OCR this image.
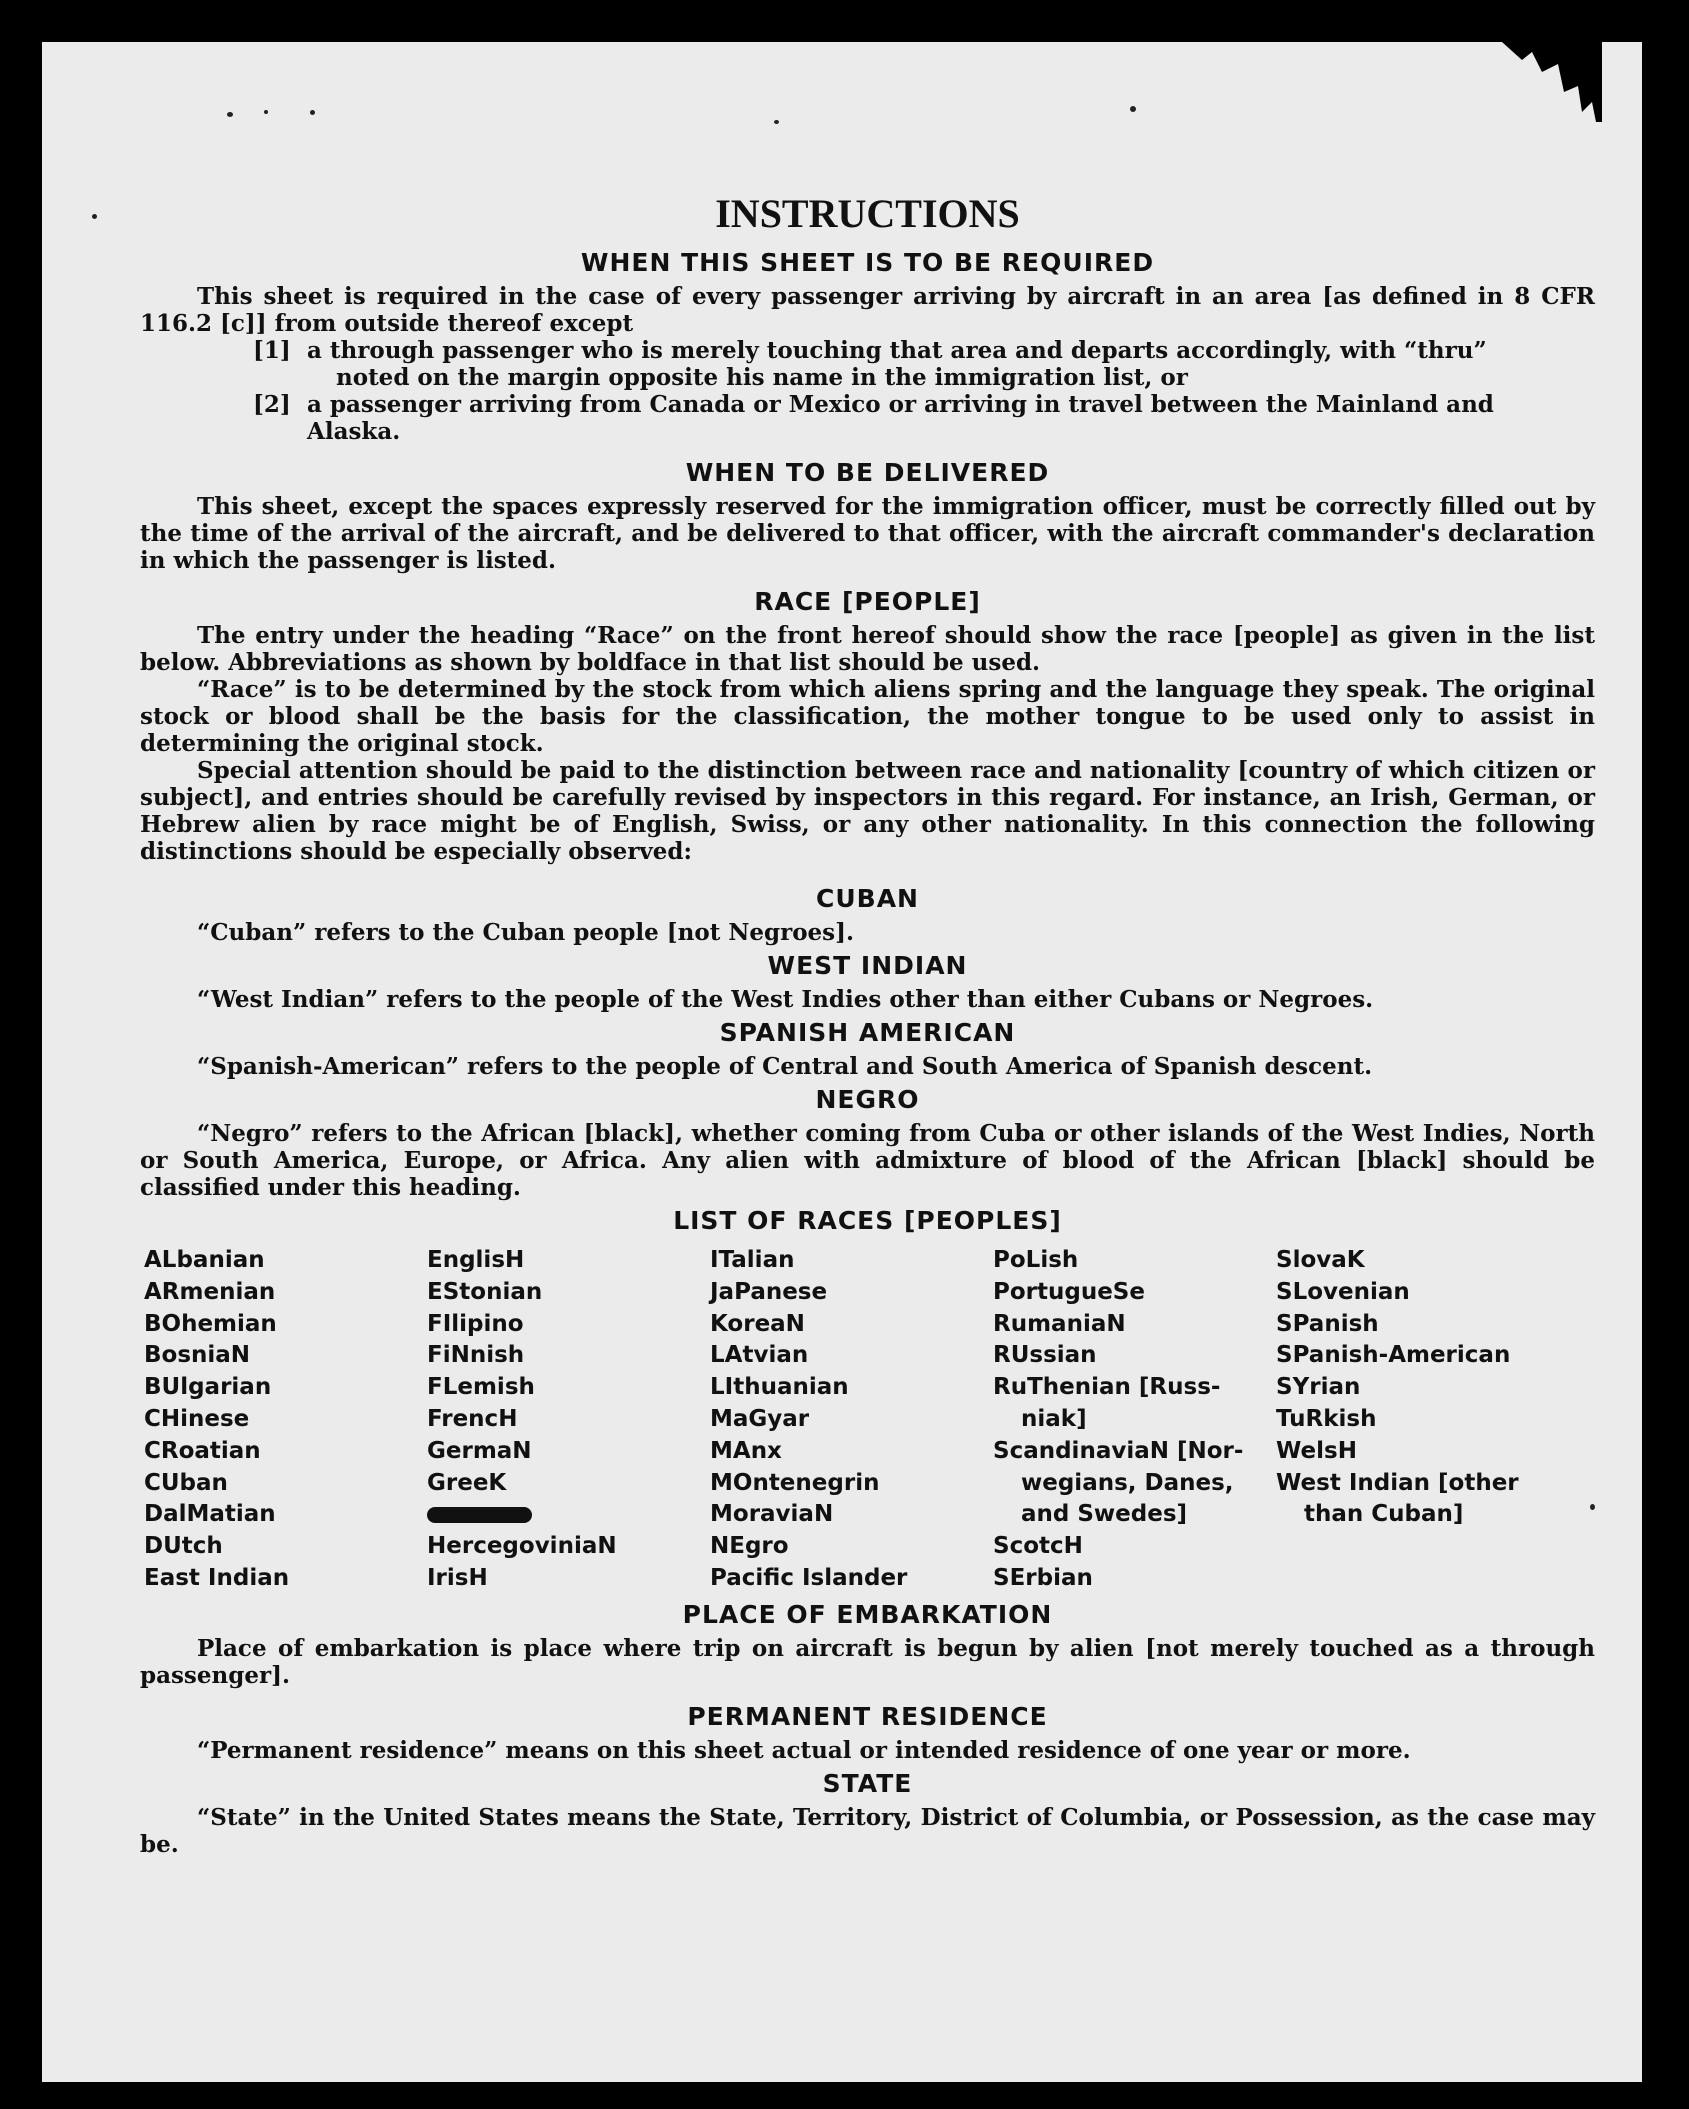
INSTRUCTIONS
WHEN THIS SHEET IS TO BE REQUIRED

This sheet is required in the case of every passenger arriving by aircraft in an area [as defined in 8 CFR 116.2 [c]] from outside thereof except

[1] a through passenger who is merely touching that area and departs accordingly, with “thru”
noted on the margin opposite his name in the immigration list, or
[2] a passenger arriving from Canada or Mexico or arriving in travel between the Mainland and
Alaska.
WHEN TO BE DELIVERED

This sheet, except the spaces expressly reserved for the immigration officer, must be correctly filled out by the time of the arrival of the aircraft, and be delivered to that officer, with the aircraft commander's declaration in which the passenger is listed.

RACE [PEOPLE]

The entry under the heading “Race” on the front hereof should show the race [people] as given in the list below. Abbreviations as shown by boldface in that list should be used.

“Race” is to be determined by the stock from which aliens spring and the language they speak. The original stock or blood shall be the basis for the classification, the mother tongue to be used only to assist in determining the original stock.

Special attention should be paid to the distinction between race and nationality [country of which citizen or subject], and entries should be carefully revised by inspectors in this regard. For instance, an Irish, German, or Hebrew alien by race might be of English, Swiss, or any other nationality. In this connection the following distinctions should be especially observed:

CUBAN

“Cuban” refers to the Cuban people [not Negroes].

WEST INDIAN

“West Indian” refers to the people of the West Indies other than either Cubans or Negroes.

SPANISH AMERICAN

“Spanish-American” refers to the people of Central and South America of Spanish descent.

NEGRO

“Negro” refers to the African [black], whether coming from Cuba or other islands of the West Indies, North or South America, Europe, or Africa. Any alien with admixture of blood of the African [black] should be classified under this heading.

LIST OF RACES [PEOPLES]
ALbanian
ARmenian
BOhemian
BosniaN
BUlgarian
CHinese
CRoatian
CUban
DalMatian
DUtch
East Indian
EnglisH
EStonian
FIlipino
FiNnish
FLemish
FrencH
GermaN
GreeK
HercegoviniaN
IrisH
ITalian
JaPanese
KoreaN
LAtvian
LIthuanian
MaGyar
MAnx
MOntenegrin
MoraviaN
NEgro
Pacific Islander
PoLish
PortugueSe
RumaniaN
RUssian
RuThenian [Russ-
niak]
ScandinaviaN [Nor-
wegians, Danes,
and Swedes]
ScotcH
SErbian
SlovaK
SLovenian
SPanish
SPanish-American
SYrian
TuRkish
WelsH
West Indian [other
than Cuban]
PLACE OF EMBARKATION

Place of embarkation is place where trip on aircraft is begun by alien [not merely touched as a through passenger].

PERMANENT RESIDENCE

“Permanent residence” means on this sheet actual or intended residence of one year or more.

STATE

“State” in the United States means the State, Territory, District of Columbia, or Possession, as the case may be.
